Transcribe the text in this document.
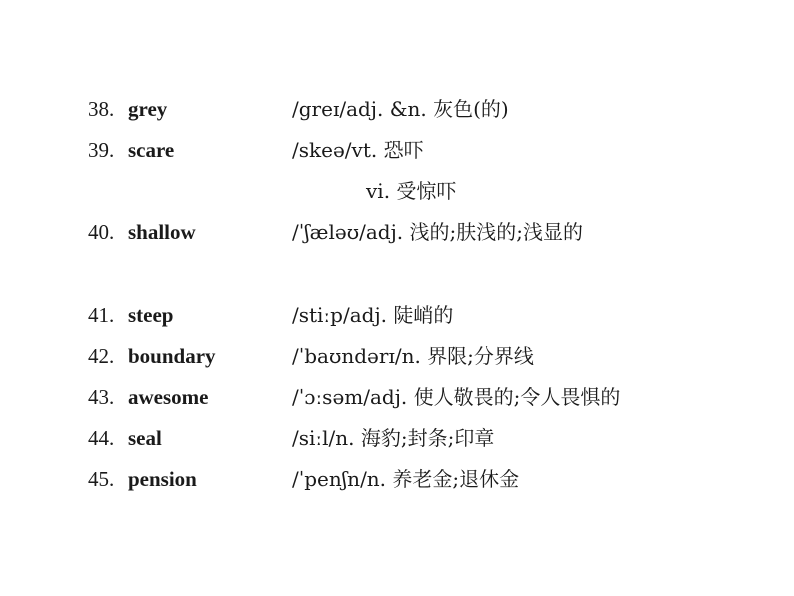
38. grey	/greɪ/adj. &n. 灰色(的)
39. scare	/skeə/vt. 恐吓
vi. 受惊吓
40. shallow	/ˈʃæləʊ/adj. 浅的;肤浅的;浅显的
41. steep	/stiːp/adj. 陡峭的
42. boundary	/ˈbaʊndərɪ/n. 界限;分界线
43. awesome	/ˈɔːsəm/adj. 使人敬畏的;令人畏惧的
44. seal	/siːl/n. 海豹;封条;印章
45. pension	/ˈpenʃn/n. 养老金;退休金
